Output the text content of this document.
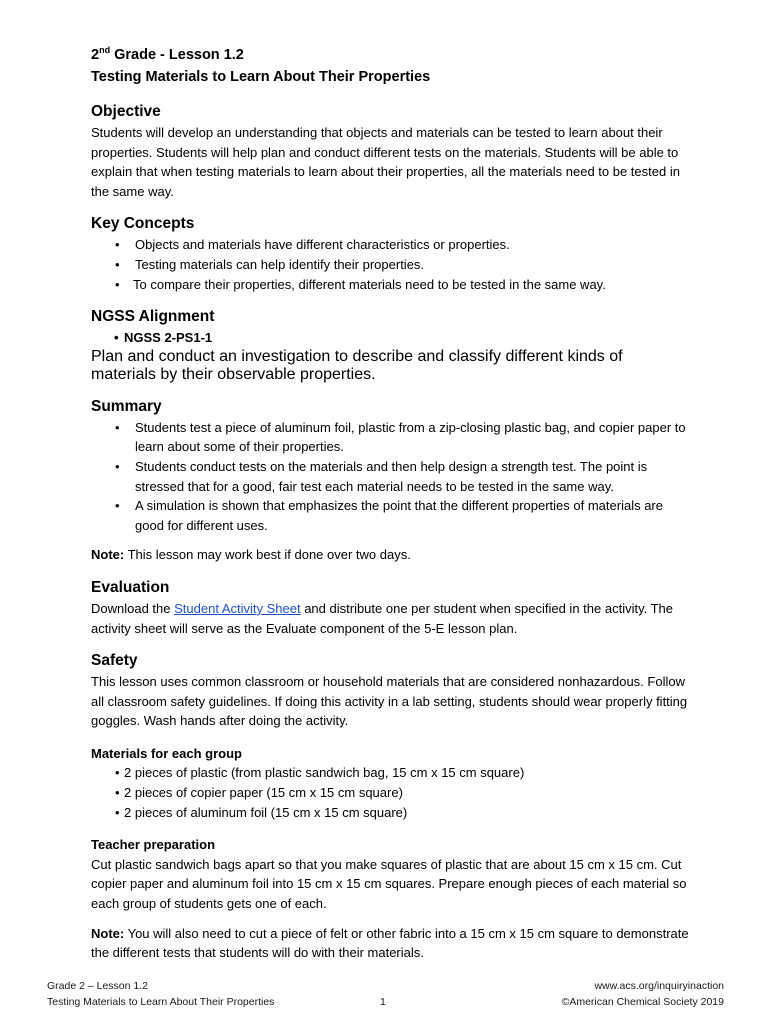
2nd Grade - Lesson 1.2
Testing Materials to Learn About Their Properties
Objective

Students will develop an understanding that objects and materials can be tested to learn about their properties. Students will help plan and conduct different tests on the materials. Students will be able to explain that when testing materials to learn about their properties, all the materials need to be tested in the same way.

Key Concepts
• Objects and materials have different characteristics or properties.
• Testing materials can help identify their properties.
• To compare their properties, different materials need to be tested in the same way.
NGSS Alignment
• NGSS 2-PS1-1
Plan and conduct an investigation to describe and classify different kinds of materials by their observable properties.
Summary
• Students test a piece of aluminum foil, plastic from a zip-closing plastic bag, and copier paper to learn about some of their properties.
• Students conduct tests on the materials and then help design a strength test. The point is stressed that for a good, fair test each material needs to be tested in the same way.
• A simulation is shown that emphasizes the point that the different properties of materials are good for different uses.

Note: This lesson may work best if done over two days.

Evaluation

Download the Student Activity Sheet and distribute one per student when specified in the activity. The activity sheet will serve as the Evaluate component of the 5-E lesson plan.

Safety

This lesson uses common classroom or household materials that are considered nonhazardous. Follow all classroom safety guidelines. If doing this activity in a lab setting, students should wear properly fitting goggles. Wash hands after doing the activity.

Materials for each group
• 2 pieces of plastic (from plastic sandwich bag, 15 cm x 15 cm square)
• 2 pieces of copier paper (15 cm x 15 cm square)
• 2 pieces of aluminum foil (15 cm x 15 cm square)
Teacher preparation

Cut plastic sandwich bags apart so that you make squares of plastic that are about 15 cm x 15 cm. Cut copier paper and aluminum foil into 15 cm x 15 cm squares. Prepare enough pieces of each material so each group of students gets one of each.

Note: You will also need to cut a piece of felt or other fabric into a 15 cm x 15 cm square to demonstrate the different tests that students will do with their materials.

Grade 2 – Lesson 1.2
Testing Materials to Learn About Their Properties	1
www.acs.org/inquiryinaction
©American Chemical Society 2019
